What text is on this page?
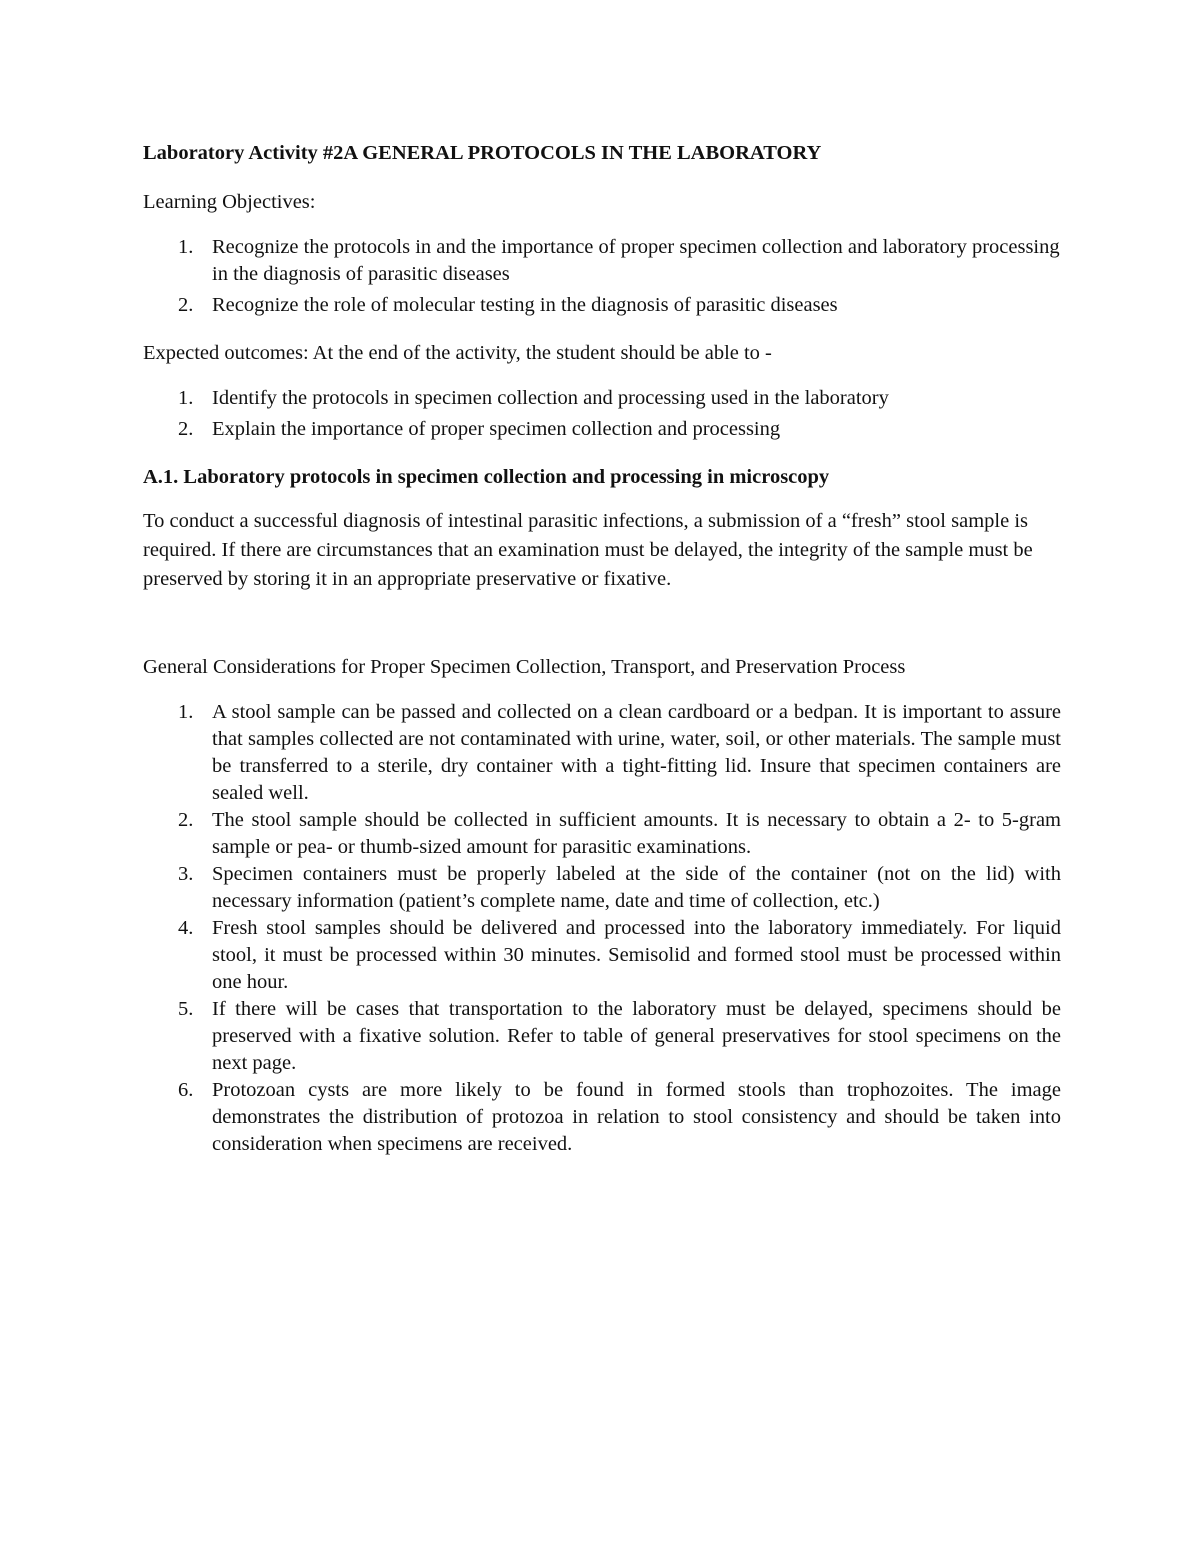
Laboratory Activity #2A GENERAL PROTOCOLS IN THE LABORATORY
Learning Objectives:
1. Recognize the protocols in and the importance of proper specimen collection and laboratory processing in the diagnosis of parasitic diseases
2. Recognize the role of molecular testing in the diagnosis of parasitic diseases
Expected outcomes: At the end of the activity, the student should be able to -
1. Identify the protocols in specimen collection and processing used in the laboratory
2. Explain the importance of proper specimen collection and processing
A.1. Laboratory protocols in specimen collection and processing in microscopy
To conduct a successful diagnosis of intestinal parasitic infections, a submission of a “fresh” stool sample is required. If there are circumstances that an examination must be delayed, the integrity of the sample must be preserved by storing it in an appropriate preservative or fixative.
General Considerations for Proper Specimen Collection, Transport, and Preservation Process
1. A stool sample can be passed and collected on a clean cardboard or a bedpan. It is important to assure that samples collected are not contaminated with urine, water, soil, or other materials. The sample must be transferred to a sterile, dry container with a tight-fitting lid. Insure that specimen containers are sealed well.
2. The stool sample should be collected in sufficient amounts. It is necessary to obtain a 2- to 5-gram sample or pea- or thumb-sized amount for parasitic examinations.
3. Specimen containers must be properly labeled at the side of the container (not on the lid) with necessary information (patient’s complete name, date and time of collection, etc.)
4. Fresh stool samples should be delivered and processed into the laboratory immediately. For liquid stool, it must be processed within 30 minutes. Semisolid and formed stool must be processed within one hour.
5. If there will be cases that transportation to the laboratory must be delayed, specimens should be preserved with a fixative solution. Refer to table of general preservatives for stool specimens on the next page.
6. Protozoan cysts are more likely to be found in formed stools than trophozoites. The image demonstrates the distribution of protozoa in relation to stool consistency and should be taken into consideration when specimens are received.
